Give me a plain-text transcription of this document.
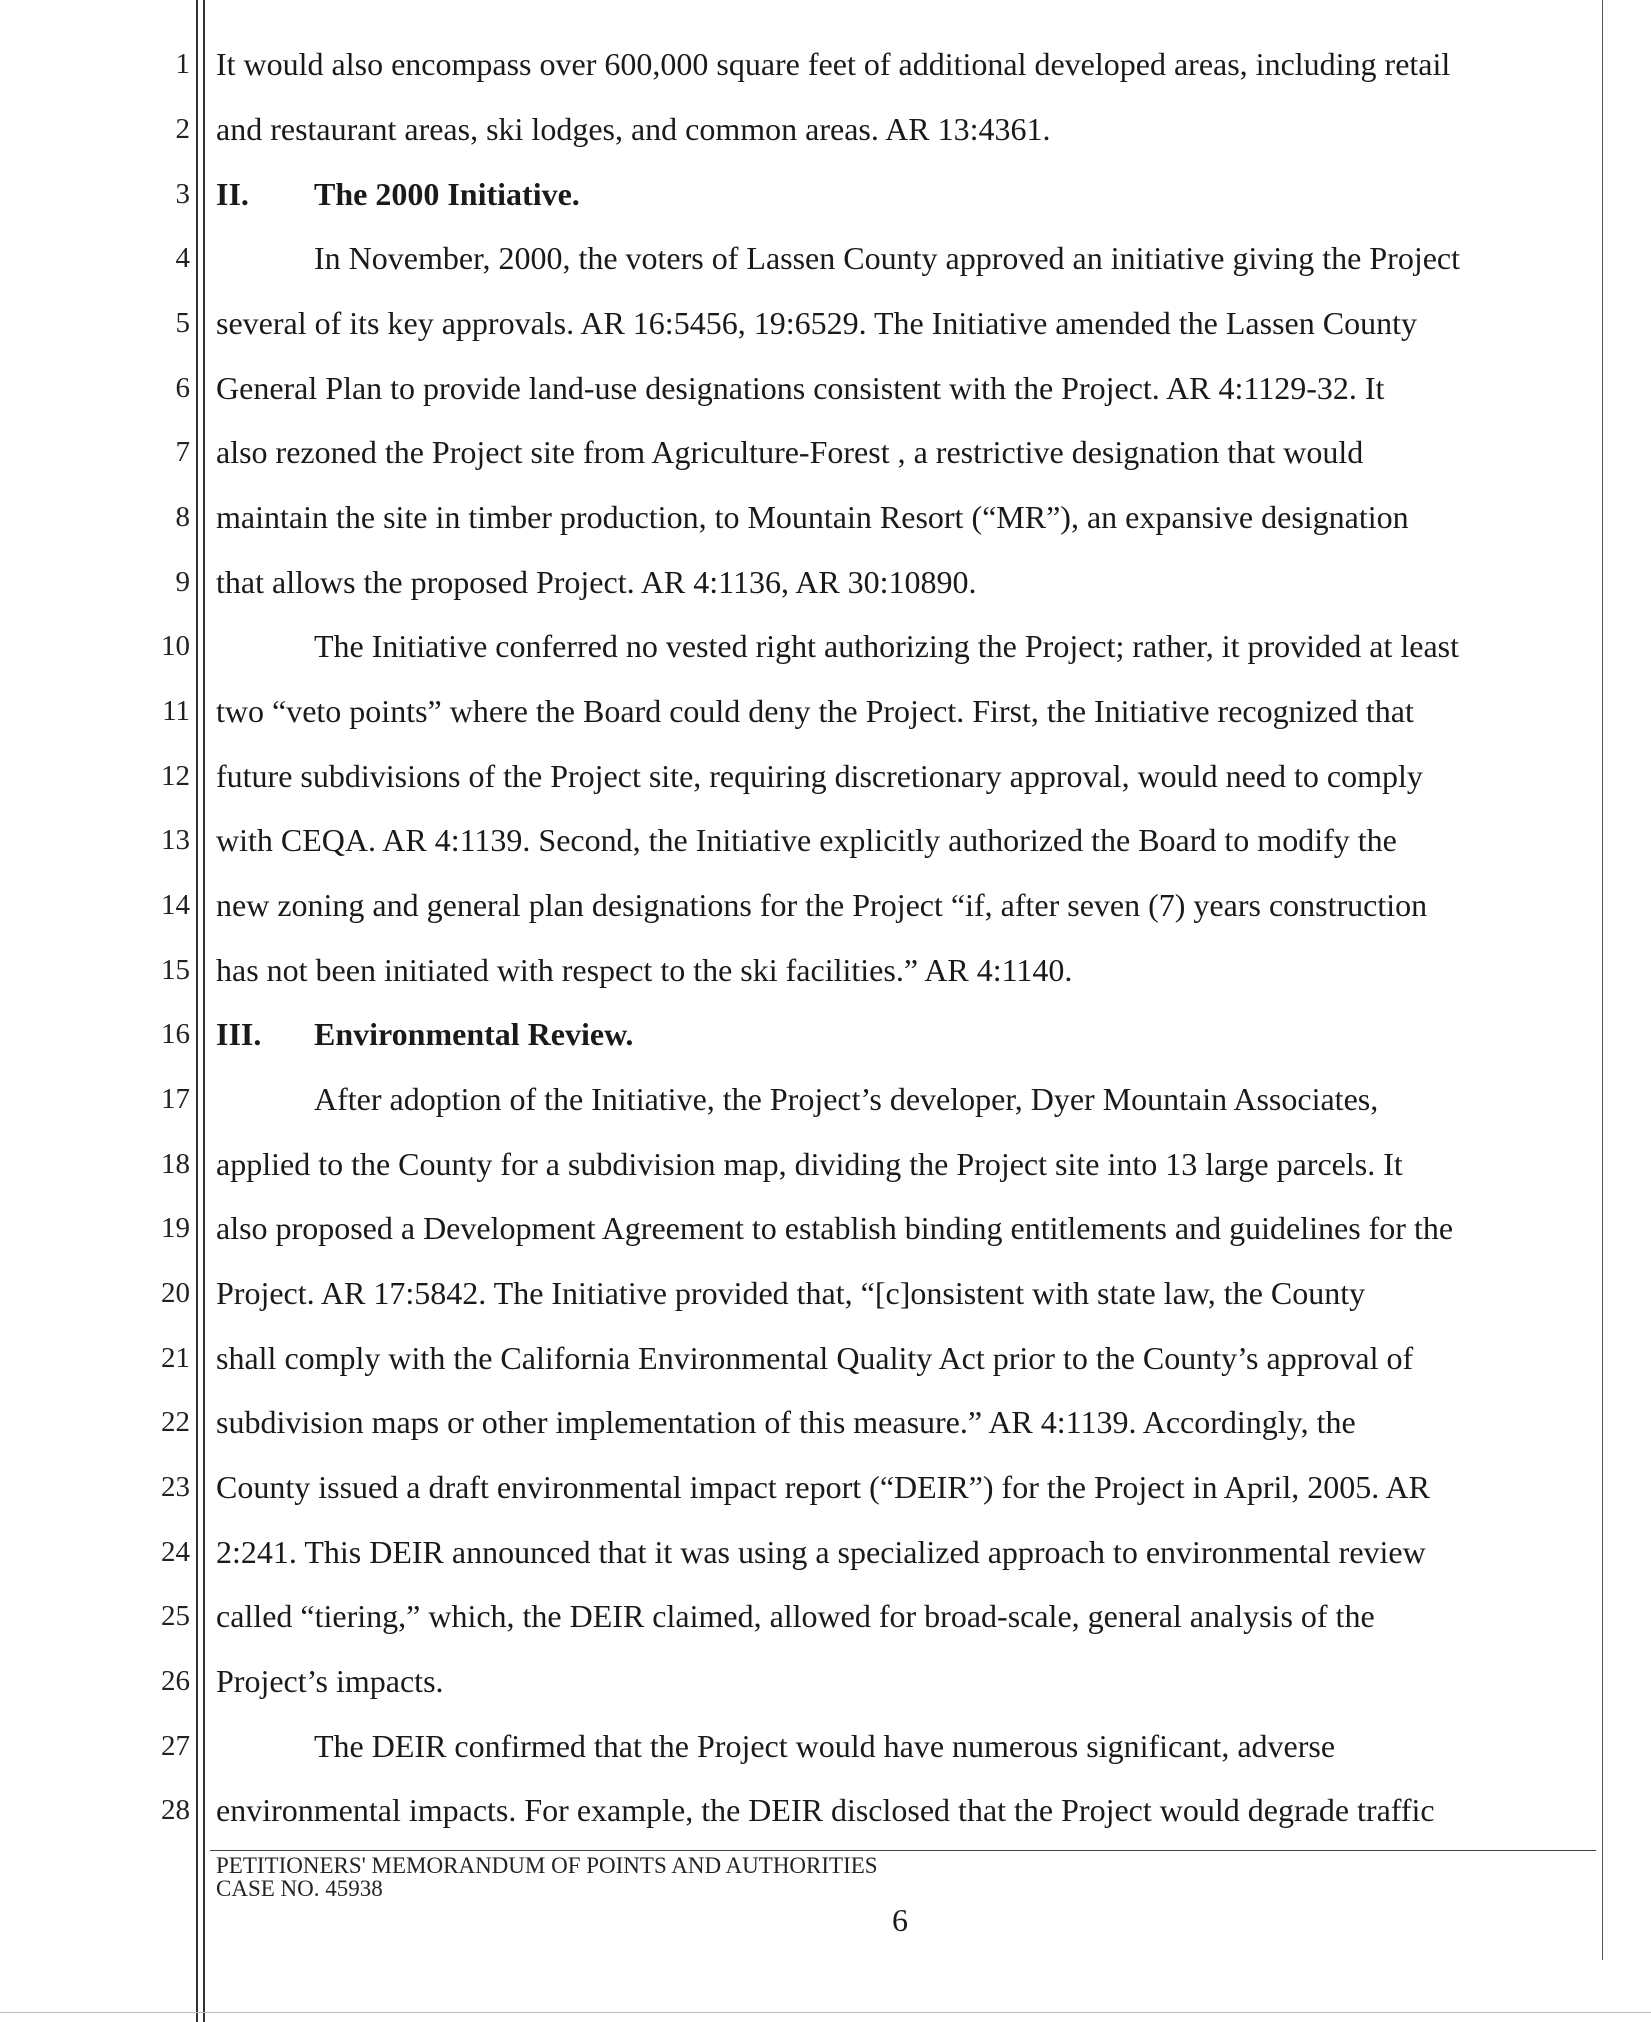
1
2
3
4
5
6
7
8
9
10
11
12
13
14
15
16
17
18
19
20
21
22
23
24
25
26
27
28
It would also encompass over 600,000 square feet of additional developed areas, including retail
and restaurant areas, ski lodges, and common areas. AR 13:4361.
II. The 2000 Initiative.
In November, 2000, the voters of Lassen County approved an initiative giving the Project
several of its key approvals. AR 16:5456, 19:6529. The Initiative amended the Lassen County
General Plan to provide land-use designations consistent with the Project. AR 4:1129-32. It
also rezoned the Project site from Agriculture-Forest , a restrictive designation that would
maintain the site in timber production, to Mountain Resort (“MR”), an expansive designation
that allows the proposed Project. AR 4:1136, AR 30:10890.
The Initiative conferred no vested right authorizing the Project; rather, it provided at least
two “veto points” where the Board could deny the Project. First, the Initiative recognized that
future subdivisions of the Project site, requiring discretionary approval, would need to comply
with CEQA. AR 4:1139. Second, the Initiative explicitly authorized the Board to modify the
new zoning and general plan designations for the Project “if, after seven (7) years construction
has not been initiated with respect to the ski facilities.” AR 4:1140.
III. Environmental Review.
After adoption of the Initiative, the Project’s developer, Dyer Mountain Associates,
applied to the County for a subdivision map, dividing the Project site into 13 large parcels. It
also proposed a Development Agreement to establish binding entitlements and guidelines for the
Project. AR 17:5842. The Initiative provided that, “[c]onsistent with state law, the County
shall comply with the California Environmental Quality Act prior to the County’s approval of
subdivision maps or other implementation of this measure.” AR 4:1139. Accordingly, the
County issued a draft environmental impact report (“DEIR”) for the Project in April, 2005. AR
2:241. This DEIR announced that it was using a specialized approach to environmental review
called “tiering,” which, the DEIR claimed, allowed for broad-scale, general analysis of the
Project’s impacts.
The DEIR confirmed that the Project would have numerous significant, adverse
environmental impacts. For example, the DEIR disclosed that the Project would degrade traffic
PETITIONERS' MEMORANDUM OF POINTS AND AUTHORITIES
CASE NO. 45938
6
